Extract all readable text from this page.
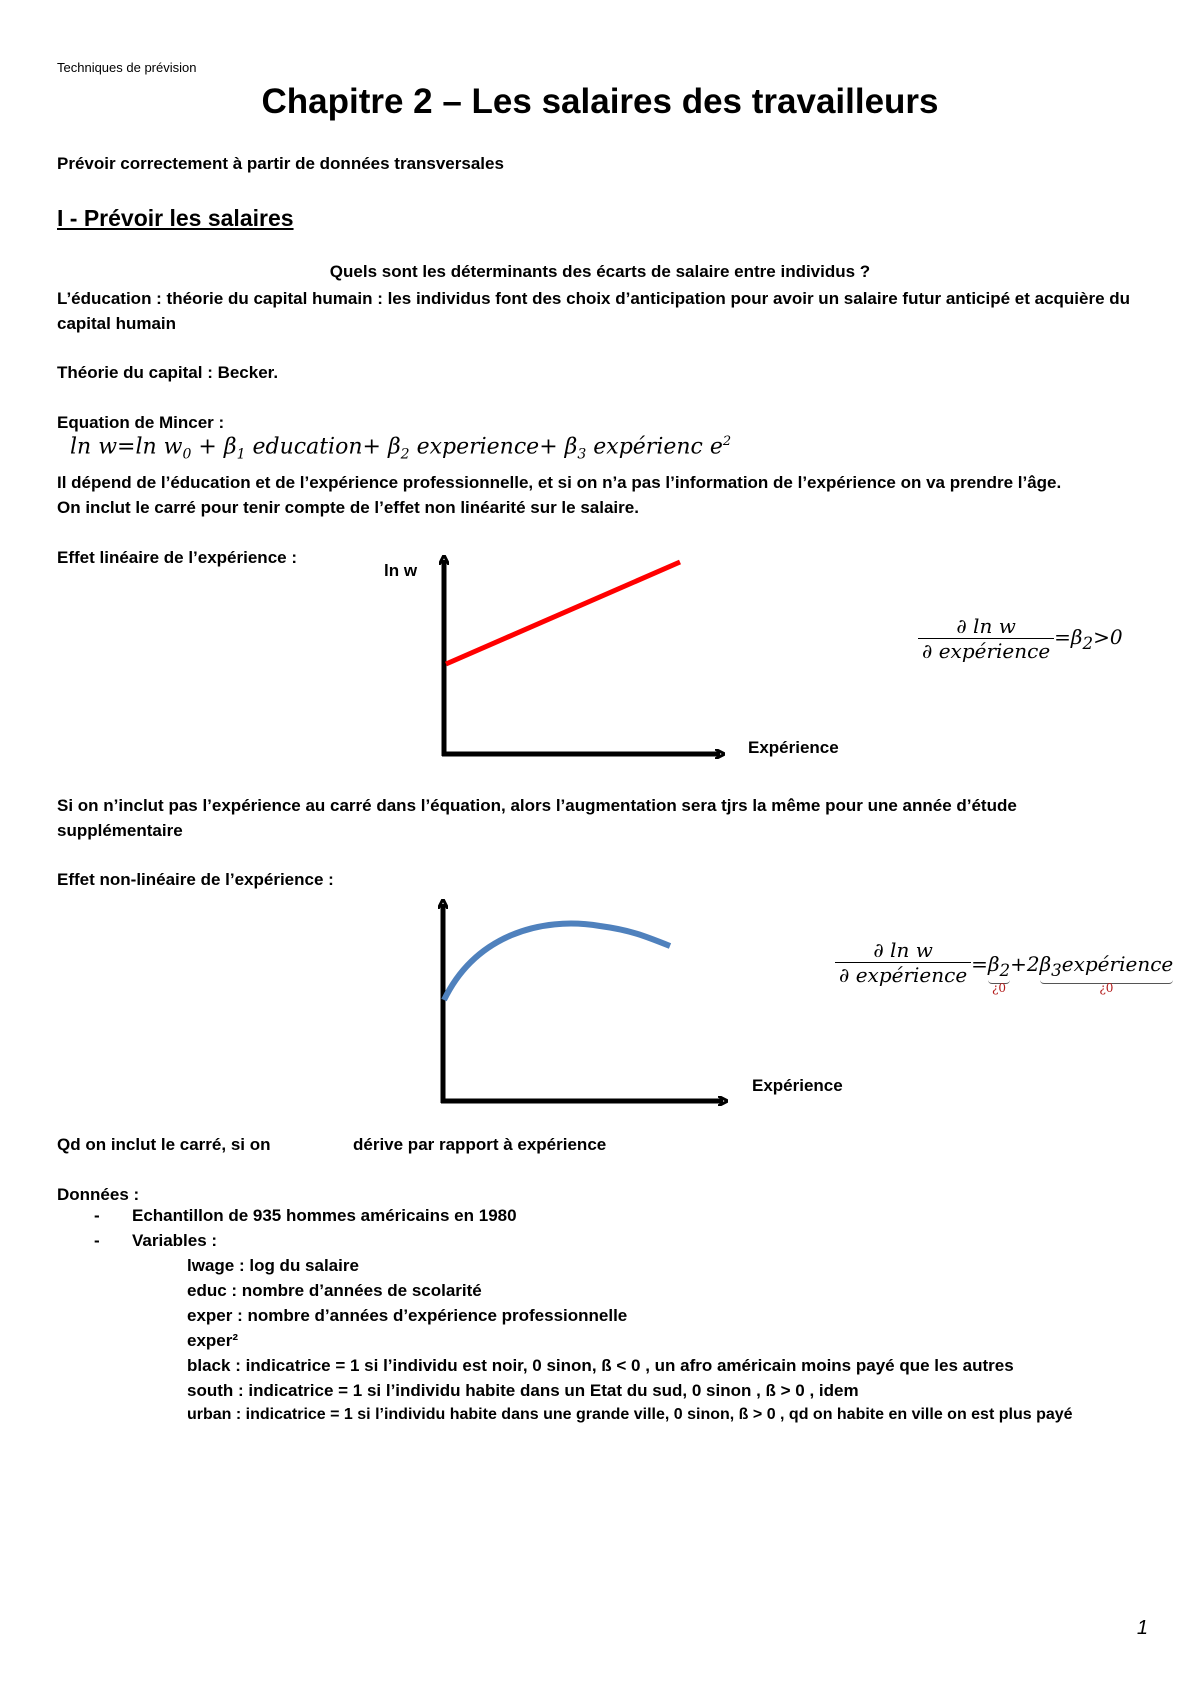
Techniques de prévision
Chapitre 2 – Les salaires des travailleurs
Prévoir correctement à partir de données transversales
I - Prévoir les salaires
Quels sont les déterminants des écarts de salaire entre individus ?
L’éducation : théorie du capital humain : les individus font des choix d’anticipation pour avoir un salaire futur anticipé et acquière du
capital humain
Théorie du capital : Becker.
Equation de Mincer :
ln w=ln $w_0 + \beta_1$ education+ $\beta_2$ experience+ $\beta_3$ expérienc $e^2$
Il dépend de l’éducation et de l’expérience professionnelle, et si on n’a pas l’information de l’expérience on va prendre l’âge.
On inclut le carré pour tenir compte de l’effet non linéarité sur le salaire.
Effet linéaire de l’expérience :
ln w
Expérience
$\frac{\text{∂ ln w}}{\text{∂ expérience}} =\beta_2>0$
Si on n’inclut pas l’expérience au carré dans l’équation, alors l’augmentation sera tjrs la même pour une année d’étude
supplémentaire
Effet non-linéaire de l’expérience :
Expérience
$\frac{\text{∂ ln w}}{\text{∂ expérience}} =\beta_2$
¿0
$+2\beta_3\exp érience$
¿0
Qd on inclut le carré, si on	dérive par rapport à expérience
Données :
- Echantillon de 935 hommes américains en 1980
- Variables :
lwage : log du salaire
educ : nombre d’années de scolarité
exper : nombre d’années d’expérience professionnelle
exper²
black : indicatrice = 1 si l’individu est noir, 0 sinon, ß < 0 , un afro américain moins payé que les autres
south : indicatrice = 1 si l’individu habite dans un Etat du sud, 0 sinon , ß > 0 , idem
urban : indicatrice = 1 si l’individu habite dans une grande ville, 0 sinon, ß > 0 , qd on habite en ville on est plus payé
1
